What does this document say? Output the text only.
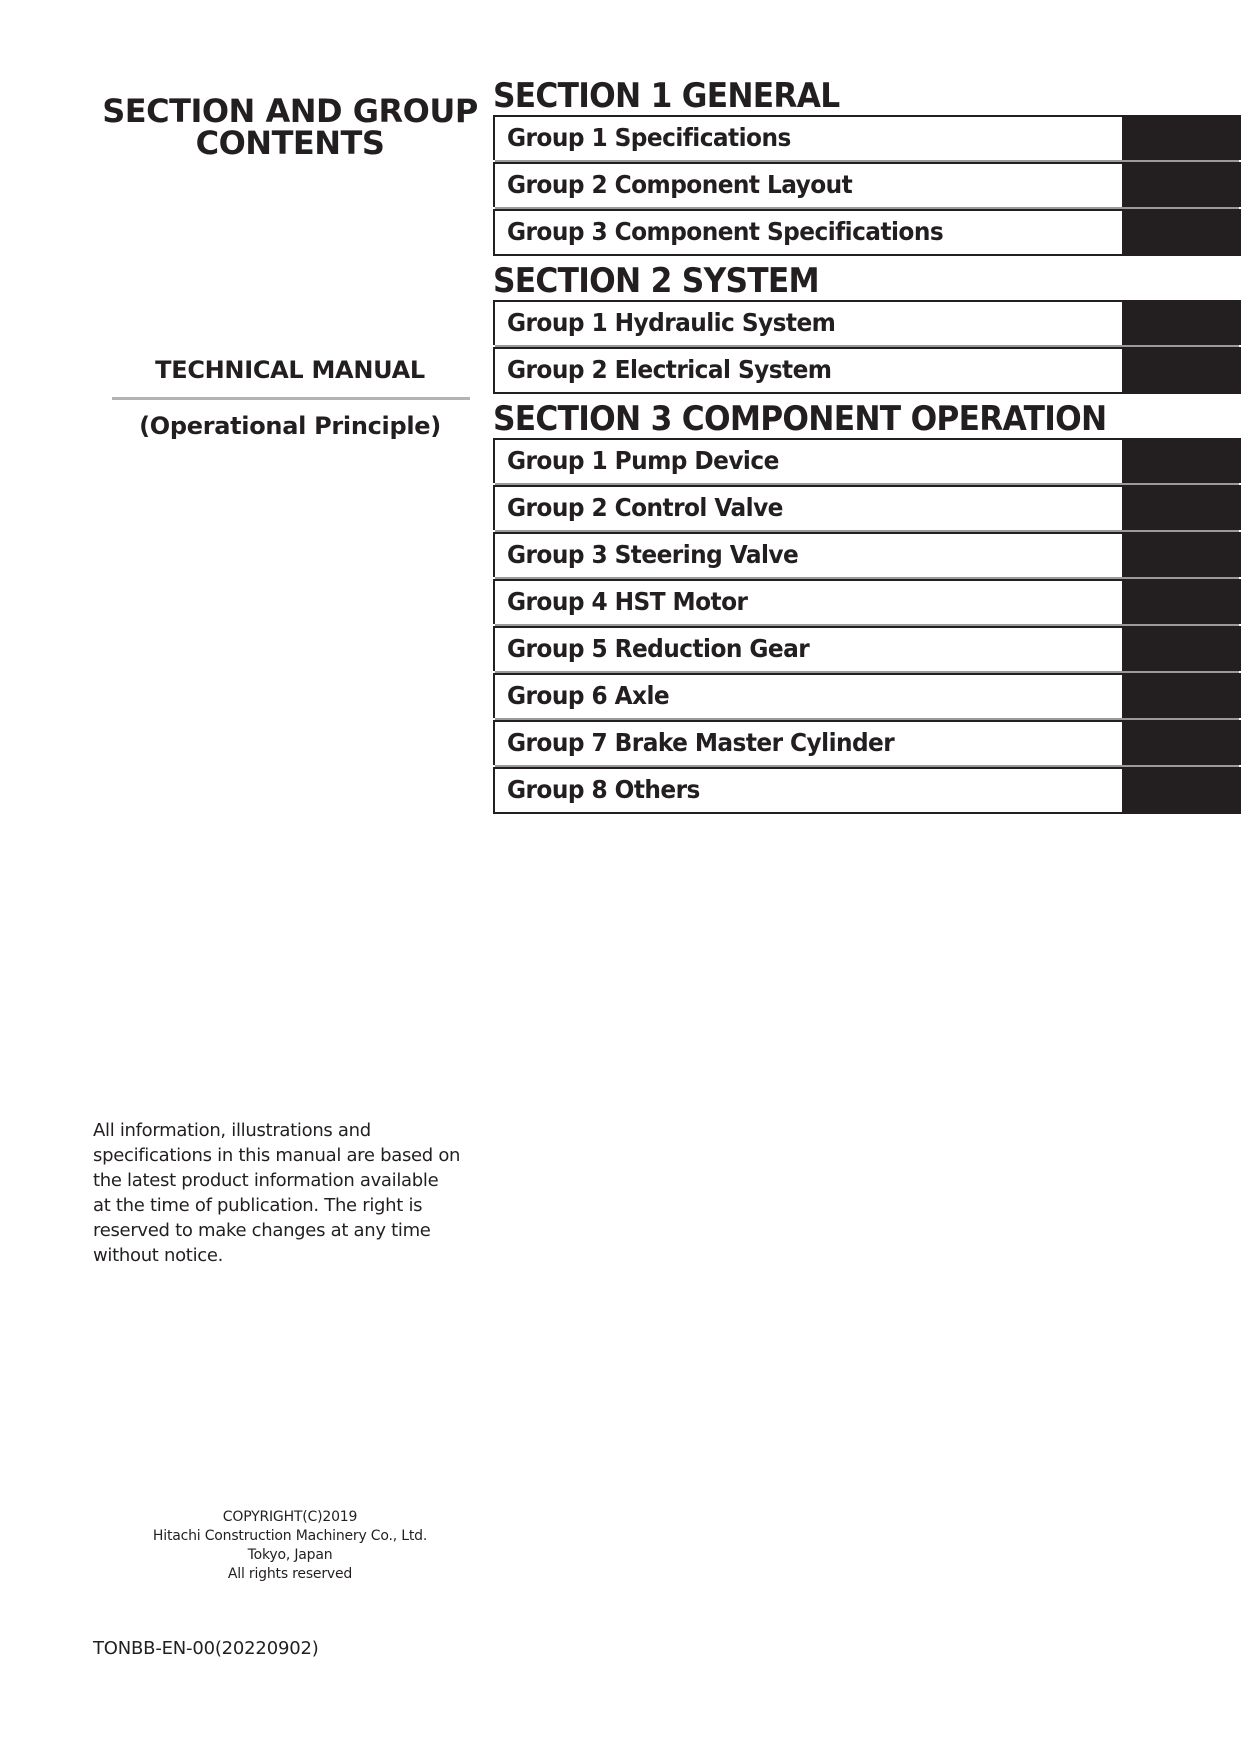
SECTION AND GROUP
CONTENTS
TECHNICAL MANUAL
(Operational Principle)
SECTION 1 GENERAL
Group 1 Specifications
Group 2 Component Layout
Group 3 Component Specifications
SECTION 2 SYSTEM
Group 1 Hydraulic System
Group 2 Electrical System
SECTION 3 COMPONENT OPERATION
Group 1 Pump Device
Group 2 Control Valve
Group 3 Steering Valve
Group 4 HST Motor
Group 5 Reduction Gear
Group 6 Axle
Group 7 Brake Master Cylinder
Group 8 Others
All information, illustrations and
specifications in this manual are based on
the latest product information available
at the time of publication. The right is
reserved to make changes at any time
without notice.
COPYRIGHT(C)2019
Hitachi Construction Machinery Co., Ltd.
Tokyo, Japan
All rights reserved
TONBB-EN-00(20220902)
